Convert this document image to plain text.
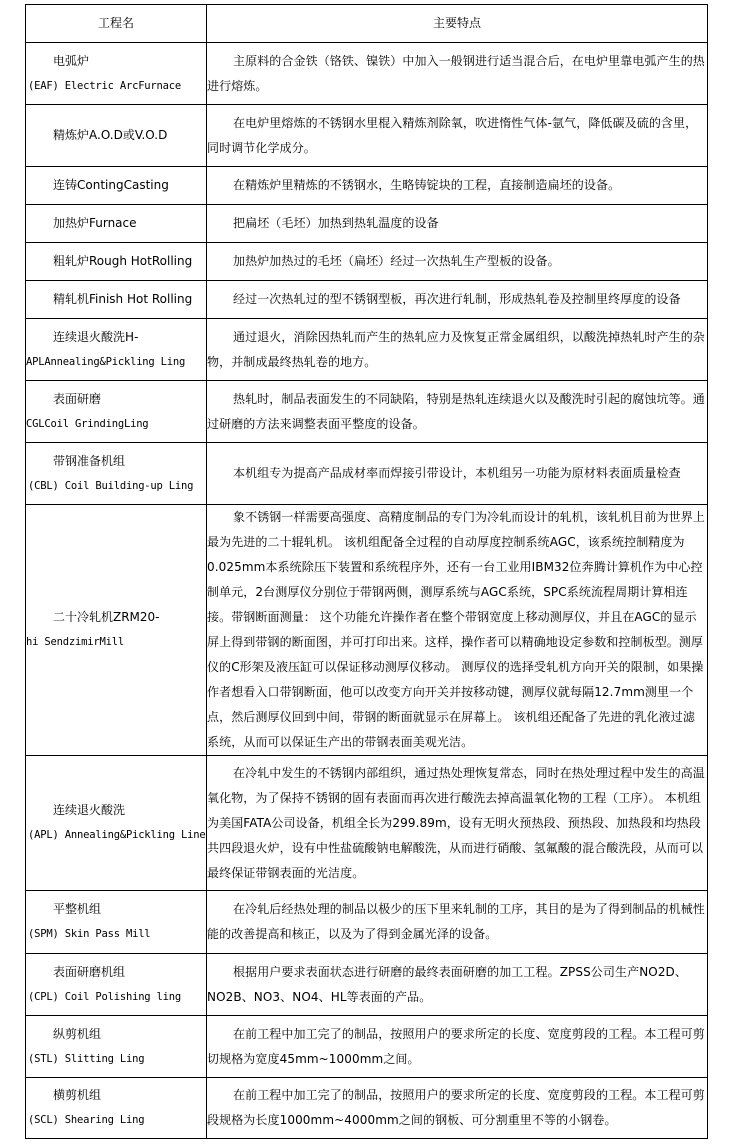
工程名	主要特点

电弧炉
(EAF) Electric ArcFurnace	主原料的合金铁（铬铁、镍铁）中加入一般钢进行适当混合后，在电炉里靠电弧产生的热进行熔炼。

精炼炉A.O.D或V.O.D	在电炉里熔炼的不锈钢水里棍入精炼剂除氧，吹进惰性气体-氩气，降低碳及硫的含里，同时调节化学成分。

连铸ContingCasting	在精炼炉里精炼的不锈钢水，生略铸锭块的工程，直接制造扁坯的设备。

加热炉Furnace	把扁坯（毛坯）加热到热轧温度的设备

粗轧炉Rough HotRolling	加热炉加热过的毛坯（扁坯）经过一次热轧生产型板的设备。

精轧机Finish Hot Rolling	经过一次热轧过的型不锈钢型板，再次进行轧制，形成热轧卷及控制里终厚度的设备

连续退火酸洗H-
APLAnnealing&Pickling Ling	通过退火，消除因热轧而产生的热轧应力及恢复正常金属组织，以酸洗掉热轧时产生的杂物，并制成最终热轧卷的地方。

表面研磨
CGLCoil GrindingLing	热轧时，制品表面发生的不同缺陷，特别是热轧连续退火以及酸洗时引起的腐蚀坑等。通过研磨的方法来调整表面平整度的设备。

带钢准备机组
(CBL) Coil Building-up Ling	本机组专为提高产品成材率而焊接引带设计，本机组另一功能为原材料表面质量检查

二十冷轧机ZRM20-
hi SendzimirMill	象不锈钢一样需要高强度、高精度制品的专门为冷轧而设计的轧机，该轧机目前为世界上最为先进的二十辊轧机。 该机组配备全过程的自动厚度控制系统AGC，该系统控制精度为0.025mm本系统除压下装置和系统程序外，还有一台工业用IBM32位奔腾计算机作为中心控制单元，2台测厚仪分别位于带钢两侧，测厚系统与AGC系统，SPC系统流程周期计算相连接。带钢断面测量： 这个功能允许操作者在整个带钢宽度上移动测厚仪，并且在AGC的显示屏上得到带钢的断面图，并可打印出来。这样，操作者可以精确地设定参数和控制板型。测厚仪的C形架及液压缸可以保证移动测厚仪移动。 测厚仪的选择受轧机方向开关的限制，如果操作者想看入口带钢断面，他可以改变方向开关并按移动键，测厚仪就每隔12.7mm测里一个点，然后测厚仪回到中间，带钢的断面就显示在屏幕上。 该机组还配备了先进的乳化液过滤系统，从而可以保证生产出的带钢表面美观光洁。

连续退火酸洗
(APL) Annealing&Pickling Line	在冷轧中发生的不锈钢内部组织，通过热处理恢复常态，同时在热处理过程中发生的高温氧化物，为了保持不锈钢的固有表面而再次进行酸洗去掉高温氧化物的工程（工序）。 本机组为美国FATA公司设备，机组全长为299.89m，设有无明火预热段、预热段、加热段和均热段共四段退火炉，设有中性盐硫酸钠电解酸洗，从而进行硝酸、氢氟酸的混合酸洗段，从而可以最终保证带钢表面的光洁度。

平整机组
(SPM) Skin Pass Mill	在冷轧后经热处理的制品以极少的压下里来轧制的工序，其目的是为了得到制品的机械性能的改善提高和核正，以及为了得到金属光泽的设备。

表面研磨机组
(CPL) Coil Polishing ling	根据用户要求表面状态进行研磨的最终表面研磨的加工工程。ZPSS公司生产NO2D、NO2B、NO3、NO4、HL等表面的产品。

纵剪机组
(STL) Slitting Ling	在前工程中加工完了的制品，按照用户的要求所定的长度、宽度剪段的工程。本工程可剪切规格为宽度45mm~1000mm之间。

横剪机组
(SCL) Shearing Ling	在前工程中加工完了的制品，按照用户的要求所定的长度、宽度剪段的工程。本工程可剪段规格为长度1000mm~4000mm之间的钢板、可分割重里不等的小钢卷。
